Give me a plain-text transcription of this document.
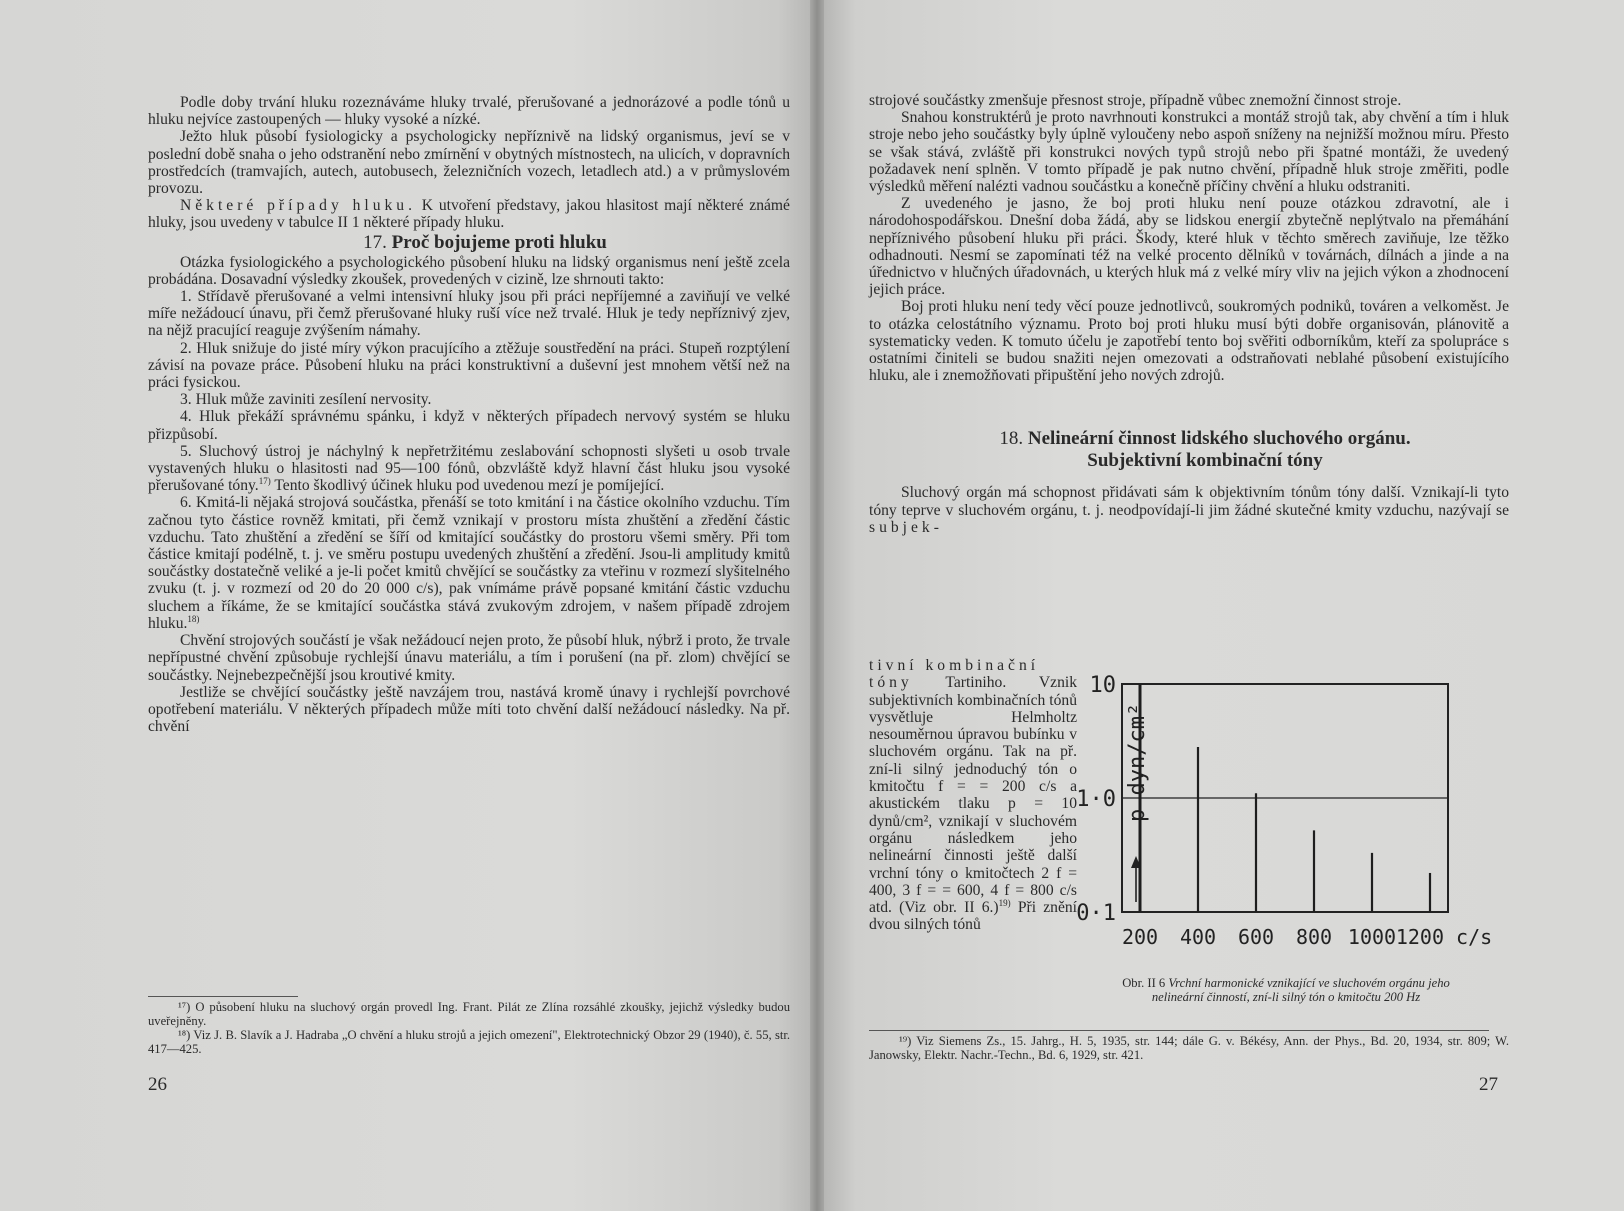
Podle doby trvání hluku rozeznáváme hluky trvalé, přerušované a jednorázové a podle tónů u hluku nejvíce zastoupených — hluky vysoké a nízké.

Ježto hluk působí fysiologicky a psychologicky nepříznivě na lidský organismus, jeví se v poslední době snaha o jeho odstranění nebo zmírnění v obytných místnostech, na ulicích, v dopravních prostředcích (tramvajích, autech, autobusech, železničních vozech, letadlech atd.) a v průmyslovém provozu.

Některé případy hluku. K utvoření představy, jakou hlasitost mají některé známé hluky, jsou uvedeny v tabulce II 1 některé případy hluku.

17. Proč bojujeme proti hluku

Otázka fysiologického a psychologického působení hluku na lidský organismus není ještě zcela probádána. Dosavadní výsledky zkoušek, provedených v cizině, lze shrnouti takto:

1. Střídavě přerušované a velmi intensivní hluky jsou při práci nepříjemné a zaviňují ve velké míře nežádoucí únavu, při čemž přerušované hluky ruší více než trvalé. Hluk je tedy nepříznivý zjev, na nějž pracující reaguje zvýšením námahy.

2. Hluk snižuje do jisté míry výkon pracujícího a ztěžuje soustředění na práci. Stupeň rozptýlení závisí na povaze práce. Působení hluku na práci konstruktivní a duševní jest mnohem větší než na práci fysickou.

3. Hluk může zaviniti zesílení nervosity.

4. Hluk překáží správnému spánku, i když v některých případech nervový systém se hluku přizpůsobí.

5. Sluchový ústroj je náchylný k nepřetržitému zeslabování schopnosti slyšeti u osob trvale vystavených hluku o hlasitosti nad 95—100 fónů, obzvláště když hlavní část hluku jsou vysoké přerušované tóny.$^{17)}$ Tento škodlivý účinek hluku pod uvedenou mezí je pomíjející.

6. Kmitá-li nějaká strojová součástka, přenáší se toto kmitání i na částice okolního vzduchu. Tím začnou tyto částice rovněž kmitati, při čemž vznikají v prostoru místa zhuštění a zředění částic vzduchu. Tato zhuštění a zředění se šíří od kmitající součástky do prostoru všemi směry. Při tom částice kmitají podélně, t. j. ve směru postupu uvedených zhuštění a zředění. Jsou-li amplitudy kmitů součástky dostatečně veliké a je-li počet kmitů chvějící se součástky za vteřinu v rozmezí slyšitelného zvuku (t. j. v rozmezí od 20 do 20 000 c/s), pak vnímáme právě popsané kmitání částic vzduchu sluchem a říkáme, že se kmitající součástka stává zvukovým zdrojem, v našem případě zdrojem hluku.$^{18)}$

Chvění strojových součástí je však nežádoucí nejen proto, že působí hluk, nýbrž i proto, že trvale nepřípustné chvění způsobuje rychlejší únavu materiálu, a tím i porušení (na př. zlom) chvějící se součástky. Nejnebezpečnější jsou kroutivé kmity.

Jestliže se chvějící součástky ještě navzájem trou, nastává kromě únavy i rychlejší povrchové opotřebení materiálu. V některých případech může míti toto chvění další nežádoucí následky. Na př. chvění

¹⁷) O působení hluku na sluchový orgán provedl Ing. Frant. Pilát ze Zlína rozsáhlé zkoušky, jejichž výsledky budou uveřejněny.

¹⁸) Viz J. B. Slavík a J. Hadraba „O chvění a hluku strojů a jejich omezení", Elektrotechnický Obzor 29 (1940), č. 55, str. 417—425.

26

strojové součástky zmenšuje přesnost stroje, případně vůbec znemožní činnost stroje.

Snahou konstruktérů je proto navrhnouti konstrukci a montáž strojů tak, aby chvění a tím i hluk stroje nebo jeho součástky byly úplně vyloučeny nebo aspoň sníženy na nejnižší možnou míru. Přesto se však stává, zvláště při konstrukci nových typů strojů nebo při špatné montáži, že uvedený požadavek není splněn. V tomto případě je pak nutno chvění, případně hluk stroje změřiti, podle výsledků měření nalézti vadnou součástku a konečně příčiny chvění a hluku odstraniti.

Z uvedeného je jasno, že boj proti hluku není pouze otázkou zdravotní, ale i národohospodářskou. Dnešní doba žádá, aby se lidskou energií zbytečně neplýtvalo na přemáhání nepříznivého působení hluku při práci. Škody, které hluk v těchto směrech zaviňuje, lze těžko odhadnouti. Nesmí se zapomínati též na velké procento dělníků v továrnách, dílnách a jinde a na úřednictvo v hlučných úřadovnách, u kterých hluk má z velké míry vliv na jejich výkon a zhodnocení jejich práce.

Boj proti hluku není tedy věcí pouze jednotlivců, soukromých podniků, továren a velkoměst. Je to otázka celostátního významu. Proto boj proti hluku musí býti dobře organisován, plánovitě a systematicky veden. K tomuto účelu je zapotřebí tento boj svěřiti odborníkům, kteří za spolupráce s ostatními činiteli se budou snažiti nejen omezovati a odstraňovati neblahé působení existujícího hluku, ale i znemožňovati připuštění jeho nových zdrojů.

18. Nelineární činnost lidského sluchového orgánu.

Subjektivní kombinační tóny

Sluchový orgán má schopnost přidávati sám k objektivním tónům tóny další. Vznikají-li tyto tóny teprve v sluchovém orgánu, t. j. neodpovídají-li jim žádné skutečné kmity vzduchu, nazývají se subjek-

tivní kombinační
tóny Tartiniho. Vznik subjektivních kombinačních tónů vysvětluje Helmholtz nesouměrnou úpravou bubínku v sluchovém orgánu. Tak na př. zní-li silný jednoduchý tón o kmitočtu f = = 200 c/s a akustickém tlaku p = 10 dynů/cm², vznikají v sluchovém orgánu následkem jeho nelineární činnosti ještě další vrchní tóny o kmitočtech 2 f = 400, 3 f = = 600, 4 f = 800 c/s atd. (Viz obr. II 6.)$^{19)}$ Při znění dvou silných tónů

10
1·0
0·1
p dyn/cm²
200 400 600 800 1000 1200 c/s
Obr. II 6 Vrchní harmonické vznikající ve sluchovém orgánu jeho nelineární činností, zní-li silný tón o kmitočtu 200 Hz

¹⁹) Viz Siemens Zs., 15. Jahrg., H. 5, 1935, str. 144; dále G. v. Békésy, Ann. der Phys., Bd. 20, 1934, str. 809; W. Janowsky, Elektr. Nachr.-Techn., Bd. 6, 1929, str. 421.

27
